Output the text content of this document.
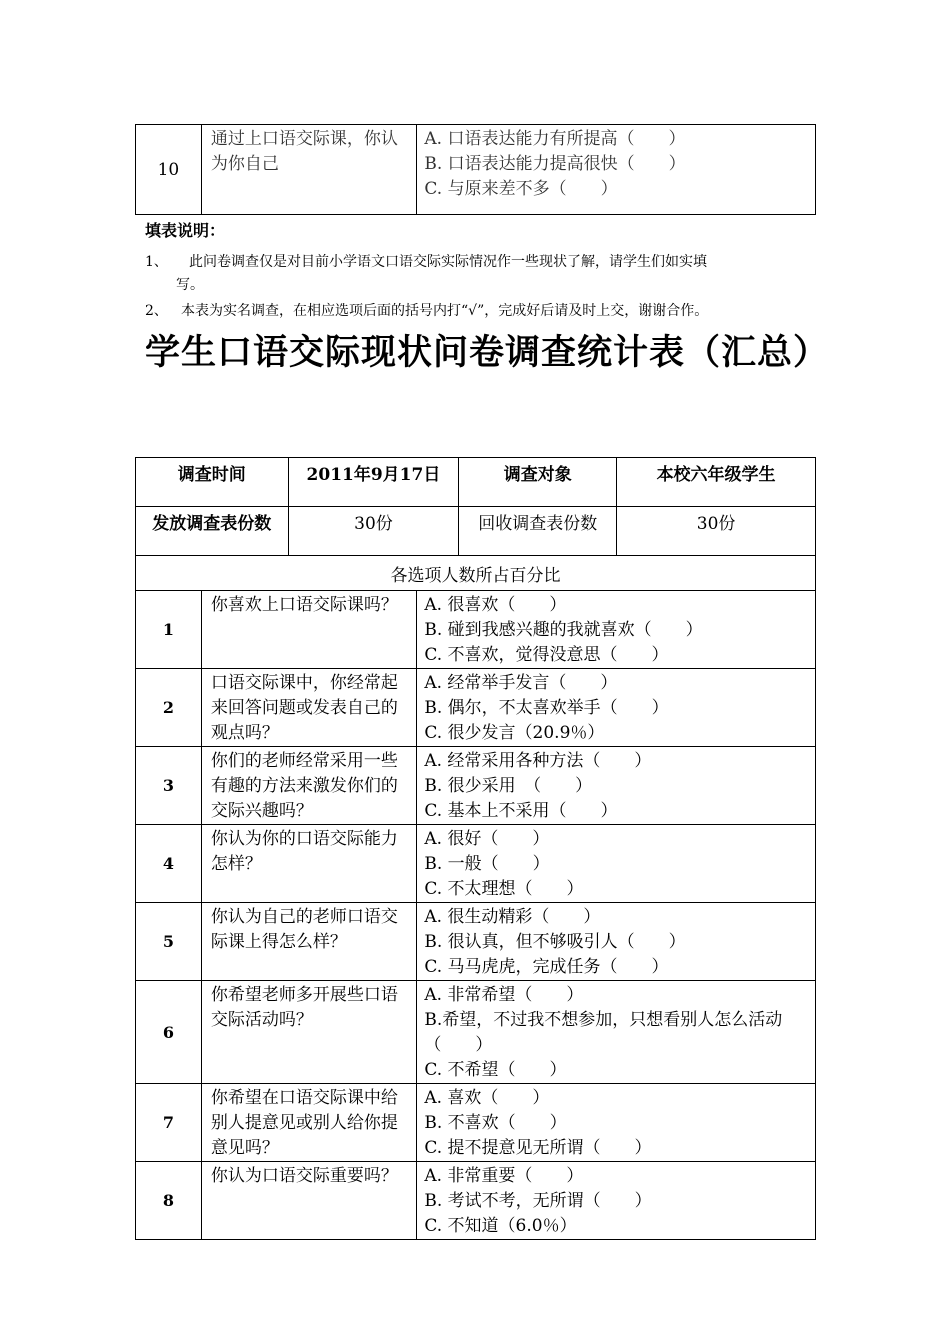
10	通过上口语交际课，你认为你自己	
A. 口语表达能力有所提高（　　）
B. 口语表达能力提高很快（　　）
C. 与原来差不多（　　）
填表说明：
1、 此问卷调查仅是对目前小学语文口语交际实际情况作一些现状了解，请学生们如实填
写。
2、 本表为实名调查，在相应选项后面的括号内打“√”，完成好后请及时上交，谢谢合作。
学生口语交际现状问卷调查统计表（汇总）
调查时间		2011年9月17日		调查对象	本校六年级学生
发放调查表份数		30份		回收调查表份数	30份
各选项人数所占百分比					
1	你喜欢上口语交际课吗？		A. 很喜欢（　　）
B. 碰到我感兴趣的我就喜欢（　　）
C. 不喜欢，觉得没意思（　　）		

2	口语交际课中，你经常起来回答问题或发表自己的观点吗？		A. 经常举手发言（　　）
B. 偶尔，不太喜欢举手（　　）
C. 很少发言（20.9％）		

3	你们的老师经常采用一些有趣的方法来激发你们的交际兴趣吗？		A. 经常采用各种方法（　　）
B. 很少采用　（　　）
C. 基本上不采用（　　）		

4	你认为你的口语交际能力怎样？		A. 很好（　　）
B. 一般（　　）
C. 不太理想（　　）		

5	你认为自己的老师口语交际课上得怎么样？		A. 很生动精彩（　　）
B. 很认真，但不够吸引人（　　）
C. 马马虎虎，完成任务（　　）		

6	你希望老师多开展些口语交际活动吗？		A. 非常希望（　　）
B.希望，不过我不想参加，只想看别人怎么活动（　　）
C. 不希望（　　）		

7	你希望在口语交际课中给别人提意见或别人给你提意见吗？		A. 喜欢（　　）
B. 不喜欢（　　）
C. 提不提意见无所谓（　　）		

8	你认为口语交际重要吗？		A. 非常重要（　　）
B. 考试不考，无所谓（　　）
C. 不知道（6.0％）		
